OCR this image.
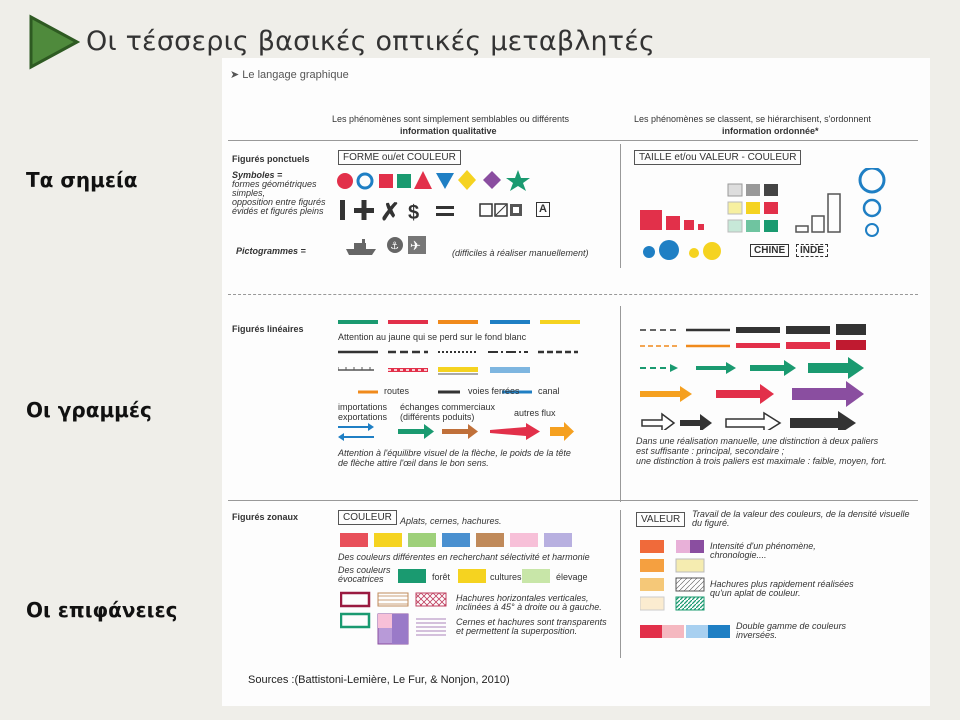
Οι τέσσερις βασικές οπτικές μεταβλητές
Τα σημεία
Οι γραμμές
Οι επιφάνειες
➤ Le langage graphique
Les phénomènes sont simplement semblables ou différents
information qualitative
Les phénomènes se classent, se hiérarchisent, s'ordonnent
information ordonnée*
Figurés ponctuels	FORME ou/et COULEUR	TAILLE et/ou VALEUR - COULEUR
Symboles =
formes géométriques
simples,
opposition entre figurés
évidés et figurés pleins ✗ $	A
Pictogrammes =	⚓ ✈	(difficiles à réaliser manuellement)	CHINE	INDE
Figurés linéaires
Attention au jaune qui se perd sur le fond blanc
routes	voies ferrées canal
importations
exportations
échanges commerciaux
(différents poduits)	autres flux
Attention à l'équilibre visuel de la flèche, le poids de la tête
de flèche attire l'œil dans le bon sens.
Dans une réalisation manuelle, une distinction à deux paliers
est suffisante : principal, secondaire ;
une distinction à trois paliers est maximale : faible, moyen, fort.
Figurés zonaux	COULEUR Aplats, cernes, hachures.
Des couleurs différentes en recherchant sélectivité et harmonie
Des couleurs
évocatrices	forêt	cultures	élevage
Hachures horizontales verticales,
inclinées à 45° à droite ou à gauche.
Cernes et hachures sont transparents
et permettent la superposition.
VALEUR	Travail de la valeur des couleurs, de la densité visuelle
du figuré.
Intensité d'un phénomène,
chronologie....
Hachures plus rapidement réalisées
qu'un aplat de couleur.
Double gamme de couleurs
inversées.
Sources :(Battistoni-Lemière, Le Fur, & Nonjon, 2010)
